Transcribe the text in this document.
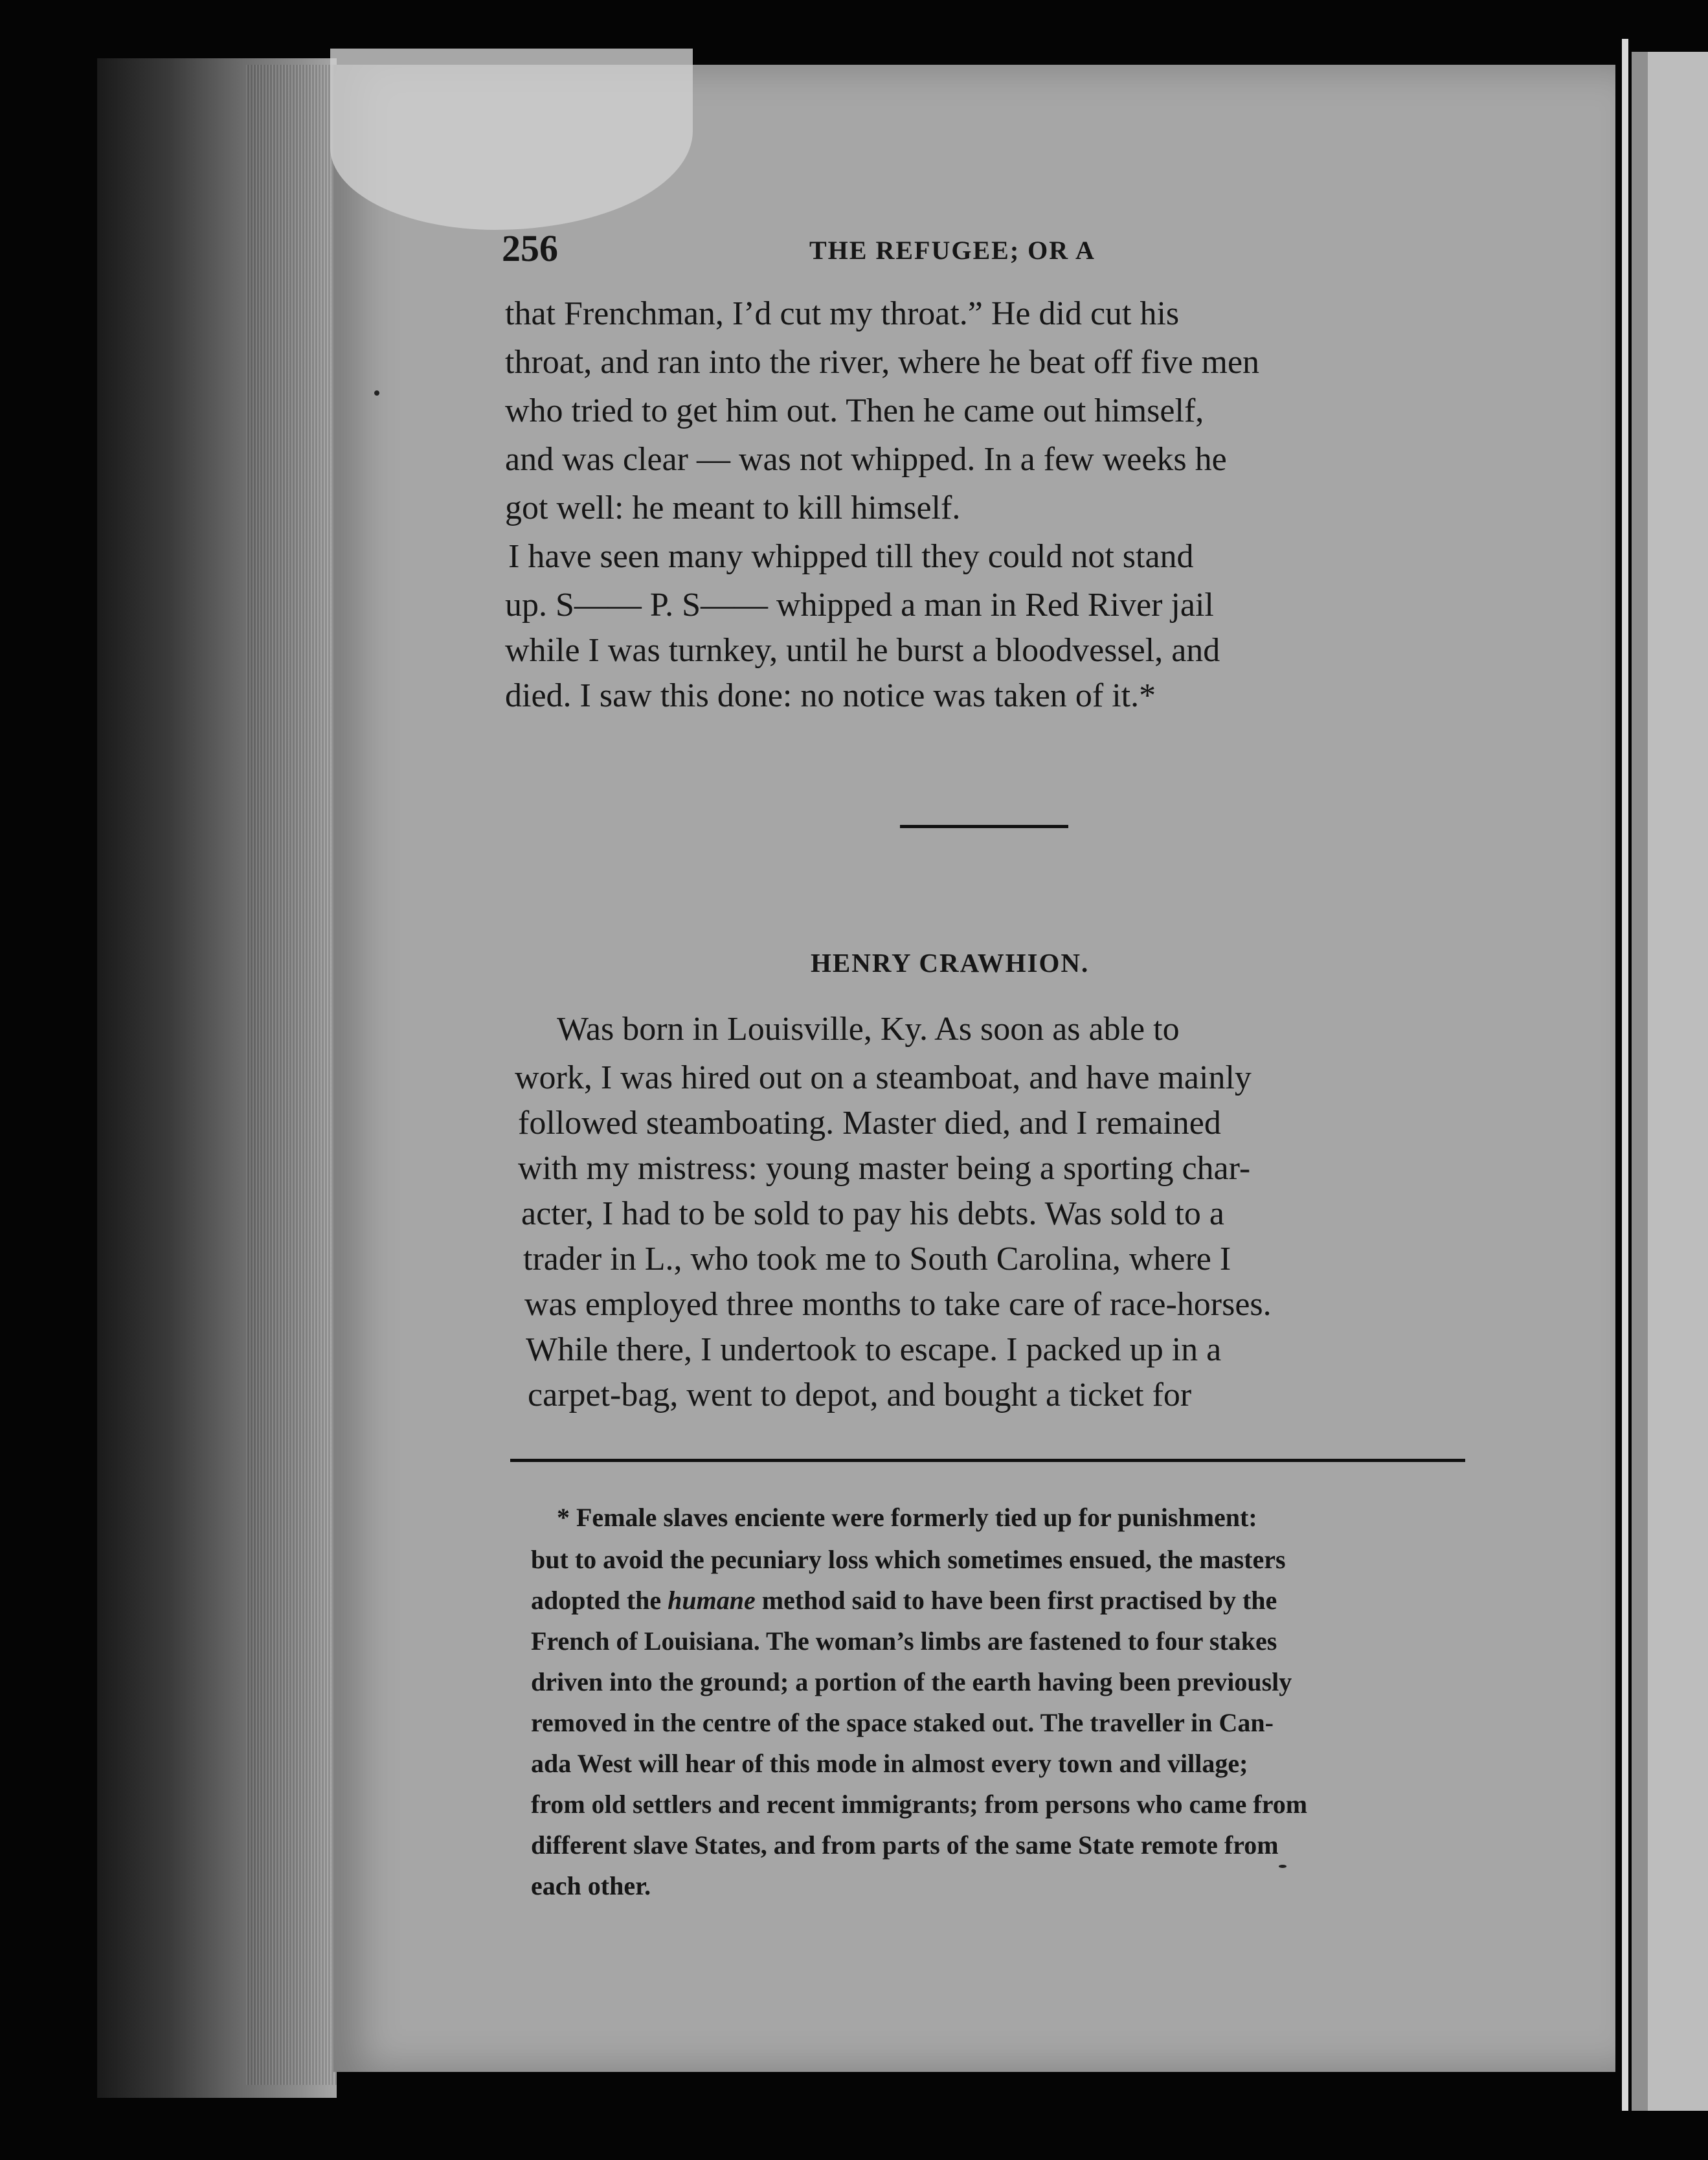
256	THE REFUGEE; OR A
that Frenchman, I’d cut my throat.” He did cut his
throat, and ran into the river, where he beat off five men
who tried to get him out. Then he came out himself,
and was clear — was not whipped. In a few weeks he
got well: he meant to kill himself.
I have seen many whipped till they could not stand
up. S—— P. S—— whipped a man in Red River jail
while I was turnkey, until he burst a bloodvessel, and
died. I saw this done: no notice was taken of it.*
HENRY CRAWHION.
Was born in Louisville, Ky. As soon as able to
work, I was hired out on a steamboat, and have mainly
followed steamboating. Master died, and I remained
with my mistress: young master being a sporting char-
acter, I had to be sold to pay his debts. Was sold to a
trader in L., who took me to South Carolina, where I
was employed three months to take care of race-horses.
While there, I undertook to escape. I packed up in a
carpet-bag, went to depot, and bought a ticket for
* Female slaves enciente were formerly tied up for punishment:
but to avoid the pecuniary loss which sometimes ensued, the masters
adopted the humane method said to have been first practised by the
French of Louisiana. The woman’s limbs are fastened to four stakes
driven into the ground; a portion of the earth having been previously
removed in the centre of the space staked out. The traveller in Can-
ada West will hear of this mode in almost every town and village;
from old settlers and recent immigrants; from persons who came from
different slave States, and from parts of the same State remote from
each other.
